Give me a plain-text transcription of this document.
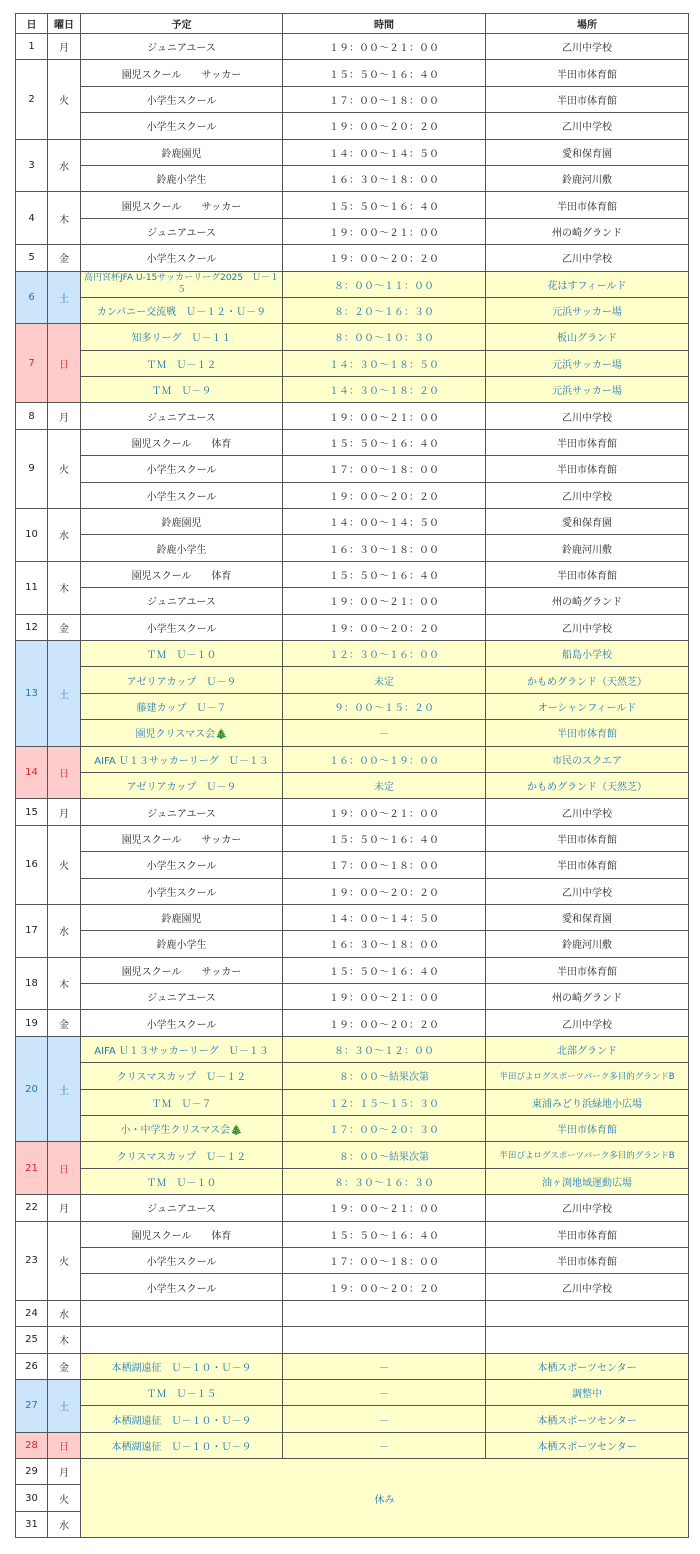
日	曜日	予定	時間	場所
1	月	ジュニアユース	１９：００〜２１：００	乙川中学校
2	火	園児スクール　　サッカー	１５：５０〜１６：４０	半田市体育館
		小学生スクール	１７：００〜１８：００	半田市体育館
		小学生スクール	１９：００〜２０：２０	乙川中学校
3	水	鈴鹿園児	１４：００〜１４：５０	愛和保育園
		鈴鹿小学生	１６：３０〜１８：００	鈴鹿河川敷
4	木	園児スクール　　サッカー	１５：５０〜１６：４０	半田市体育館
		ジュニアユース	１９：００〜２１：００	州の崎グランド
5	金	小学生スクール	１９：００〜２０：２０	乙川中学校
6	土	高円宮杯JFA U-15サッカーリーグ2025　Ｕ－１５	８：００〜１１：００	花はすフィールド
		カンパニー交流戦　Ｕ－１２・Ｕ－９	８：２０〜１６：３０	元浜サッカー場
7	日	知多リーグ　Ｕ－１１	８：００〜１０：３０	板山グランド
		ＴＭ　Ｕ－１２	１４：３０〜１８：５０	元浜サッカー場
		ＴＭ　Ｕ－９	１４：３０〜１８：２０	元浜サッカー場
8	月	ジュニアユース	１９：００〜２１：００	乙川中学校
9	火	園児スクール　　体育	１５：５０〜１６：４０	半田市体育館
		小学生スクール	１７：００〜１８：００	半田市体育館
		小学生スクール	１９：００〜２０：２０	乙川中学校
10	水	鈴鹿園児	１４：００〜１４：５０	愛和保育園
		鈴鹿小学生	１６：３０〜１８：００	鈴鹿河川敷
11	木	園児スクール　　体育	１５：５０〜１６：４０	半田市体育館
		ジュニアユース	１９：００〜２１：００	州の崎グランド
12	金	小学生スクール	１９：００〜２０：２０	乙川中学校
13	土	ＴＭ　Ｕ－１０	１２：３０〜１６：００	船島小学校
		アゼリアカップ　Ｕ－９	未定	かもめグランド（天然芝）
		藤建カップ　Ｕ－７	９：００〜１５：２０	オーシャンフィールド
		園児クリスマス会🎄	－	半田市体育館
14	日	AIFA Ｕ１３サッカーリーグ　Ｕ－１３	１６：００〜１９：００	市民のスクエア
		アゼリアカップ　Ｕ－９	未定	かもめグランド（天然芝）
15	月	ジュニアユース	１９：００〜２１：００	乙川中学校
16	火	園児スクール　　サッカー	１５：５０〜１６：４０	半田市体育館
		小学生スクール	１７：００〜１８：００	半田市体育館
		小学生スクール	１９：００〜２０：２０	乙川中学校
17	水	鈴鹿園児	１４：００〜１４：５０	愛和保育園
		鈴鹿小学生	１６：３０〜１８：００	鈴鹿河川敷
18	木	園児スクール　　サッカー	１５：５０〜１６：４０	半田市体育館
		ジュニアユース	１９：００〜２１：００	州の崎グランド
19	金	小学生スクール	１９：００〜２０：２０	乙川中学校
20	土	AIFA Ｕ１３サッカーリーグ　Ｕ－１３	８：３０〜１２：００	北部グランド
		クリスマスカップ　Ｕ－１２	８：００〜結果次第	半田ぴよログスポーツパーク多目的グランドB
		ＴＭ　Ｕ－７	１２：１５〜１５：３０	東浦みどり浜緑地小広場
		小・中学生クリスマス会🎄	１７：００〜２０：３０	半田市体育館
21	日	クリスマスカップ　Ｕ－１２	８：００〜結果次第	半田ぴよログスポーツパーク多目的グランドB
		ＴＭ　Ｕ－１０	８：３０〜１６：３０	油ヶ渕地域運動広場
22	月	ジュニアユース	１９：００〜２１：００	乙川中学校
23	火	園児スクール　　体育	１５：５０〜１６：４０	半田市体育館
		小学生スクール	１７：００〜１８：００	半田市体育館
		小学生スクール	１９：００〜２０：２０	乙川中学校
24	水			
25	木			
26	金	本栖湖遠征　Ｕ－１０・Ｕ－９	－	本栖スポーツセンター
27	土	ＴＭ　Ｕ－１５	－	調整中
		本栖湖遠征　Ｕ－１０・Ｕ－９	－	本栖スポーツセンター
28	日	本栖湖遠征　Ｕ－１０・Ｕ－９	－	本栖スポーツセンター
29	月	休み		
30	火			
31	水			
